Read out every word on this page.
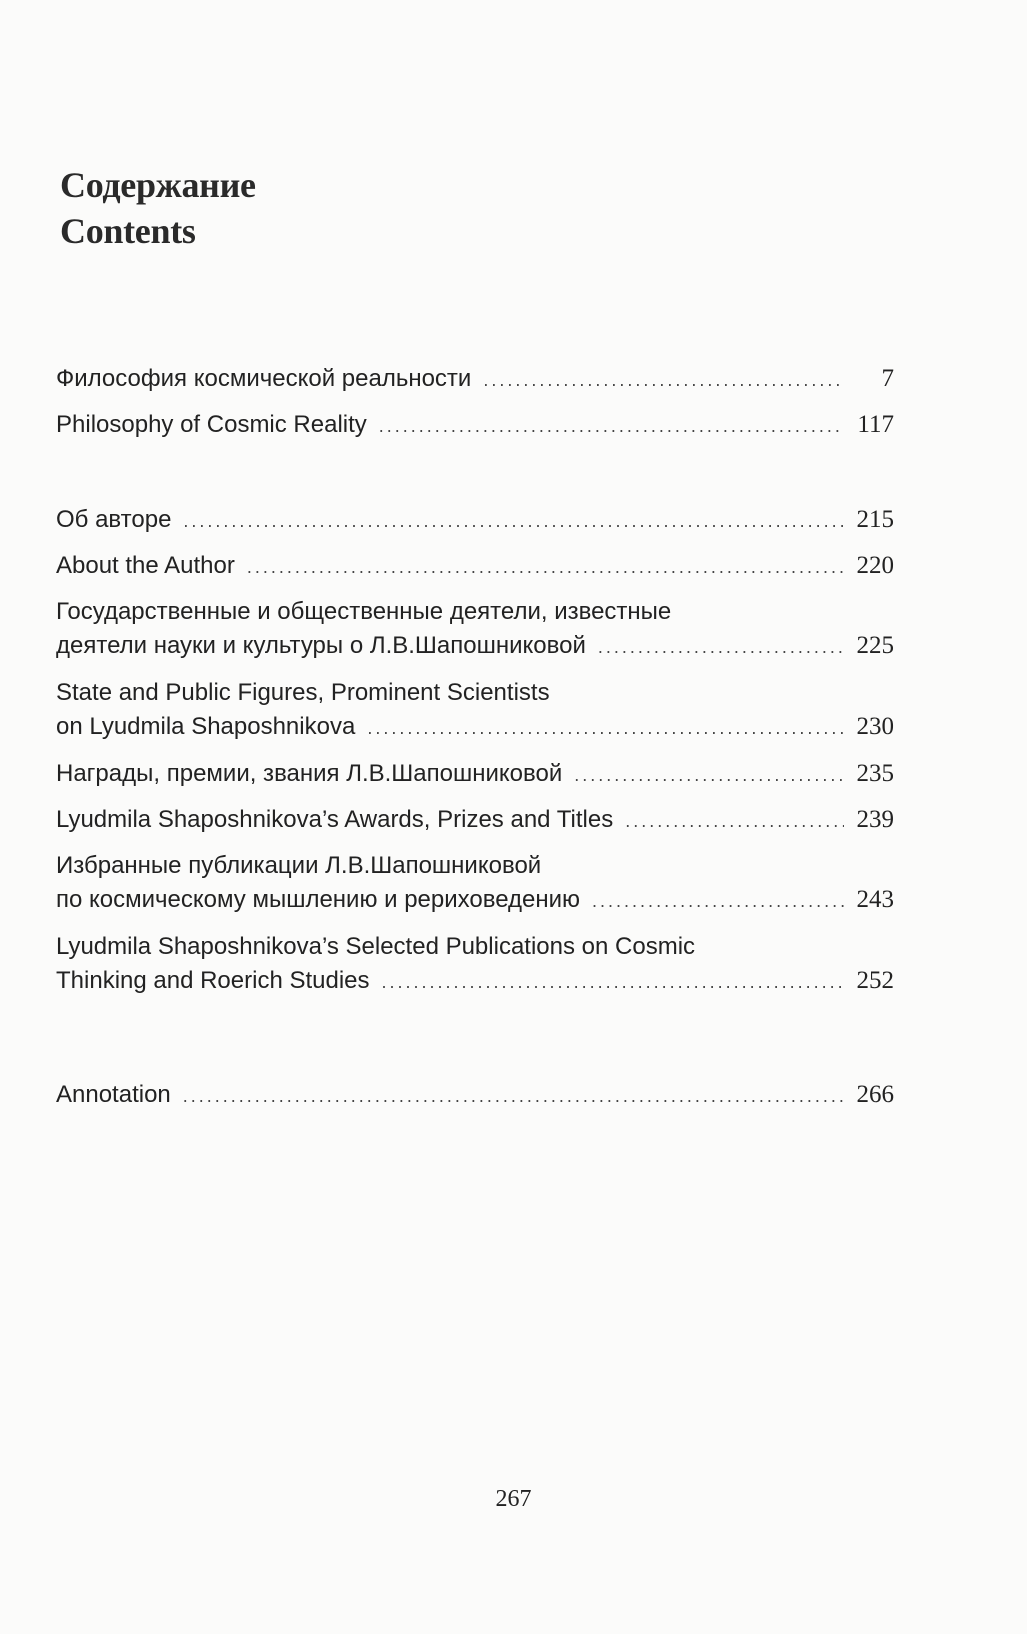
Содержание
Contents
Философия космической реальности . . .	7
Philosophy of Cosmic Reality . . .	117
Об авторе . . .	215
About the Author . . .	220
Государственные и общественные деятели, известные
деятели науки и культуры о Л.В.Шапошниковой . . .	225
State and Public Figures, Prominent Scientists
on Lyudmila Shaposhnikova . . .	230
Награды, премии, звания Л.В.Шапошниковой . . .	235
Lyudmila Shaposhnikova’s Awards, Prizes and Titles . . .	239
Избранные публикации Л.В.Шапошниковой
по космическому мышлению и рериховедению . . .	243
Lyudmila Shaposhnikova’s Selected Publications on Cosmic
Thinking and Roerich Studies . . .	252
Annotation . . .	266
267
